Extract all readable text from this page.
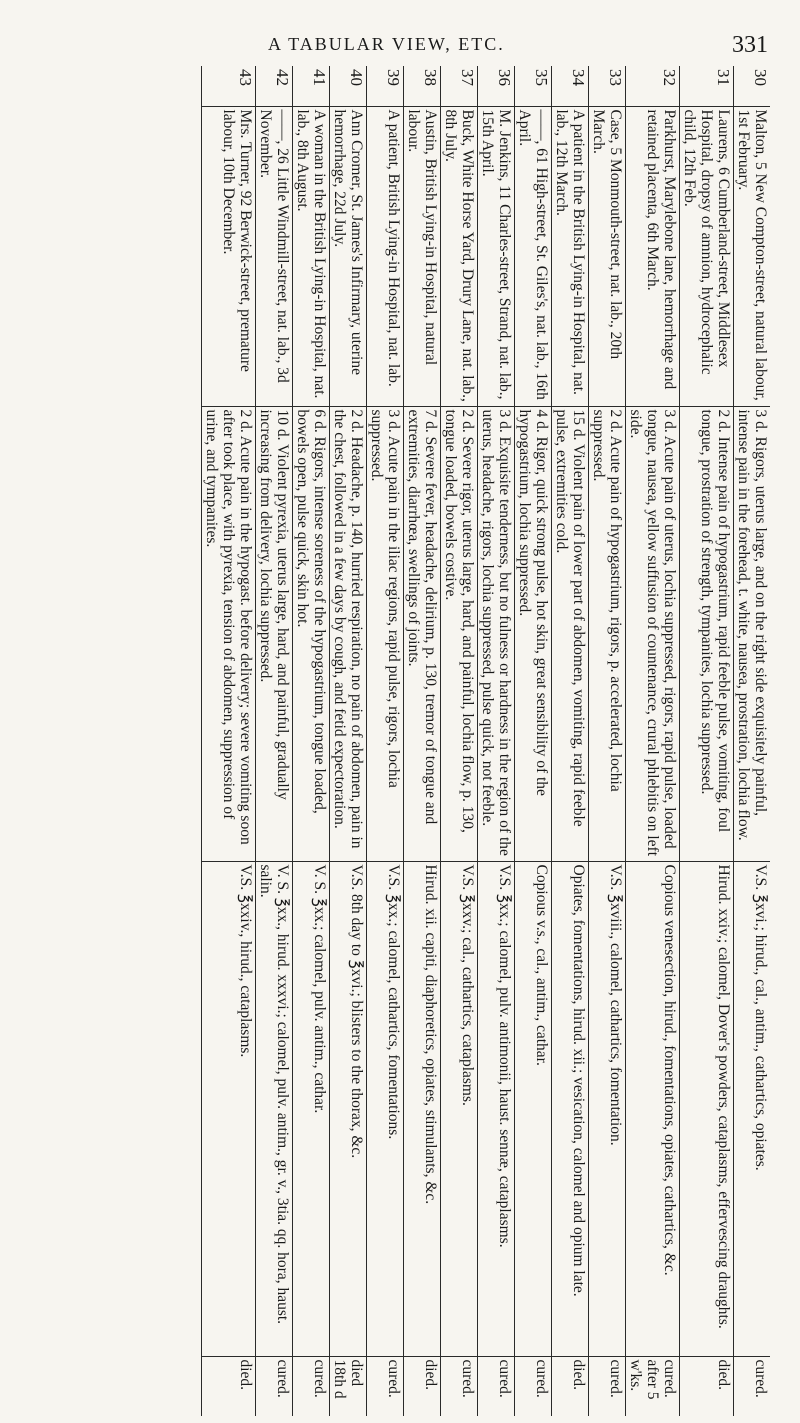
A TABULAR VIEW, ETC.	331
30	Malton, 5 New Compton-street, natural labour, 1st February.	3 d. Rigors, uterus large, and on the right side exquisitely painful, intense pain in the forehead, t. white, nausea, prostration, lochia flow.	V.S. ℥xvi.; hirud., cal., antim., cathartics, opiates.	cured.

31	Laurens, 6 Cumberland-street, Middlesex Hospital, dropsy of amnion, hydrocephalic child, 12th Feb.	2 d. Intense pain of hypogastrium, rapid feeble pulse, vomiting, foul tongue, prostration of strength, tympanites, lochia suppressed.	Hirud. xxiv.; calomel, Dover's powders, cataplasms, effervescing draughts.	died.

32	Parkhurst, Marylebone lane, hemorrhage and retained placenta, 6th March.	3 d. Acute pain of uterus, lochia suppressed, rigors, rapid pulse, loaded tongue, nausea, yellow suffusion of countenance, crural phlebitis on left side.	Copious venesection, hirud., fomentations, opiates, cathartics, &c.	cured. after 5 w'ks.

33	Case, 5 Monmouth-street, nat. lab., 20th March.	2 d. Acute pain of hypogastrium, rigors, p. accelerated, lochia suppressed.	V.S. ℥xviii., calomel, cathartics, fomentation.	cured.

34	A patient in the British Lying-in Hospital, nat. lab., 12th March.	15 d. Violent pain of lower part of abdomen, vomiting, rapid feeble pulse, extremities cold.	Opiates, fomentations, hirud. xii.; vesication, calomel and opium late.	died.

35	——, 61 High-street, St. Giles's, nat. lab., 16th April.	4 d. Rigor, quick strong pulse, hot skin, great sensibility of the hypogastrium, lochia suppressed.	Copious v.s., cal., antim., cathar.	cured.

36	M. Jenkins, 11 Charles-street, Strand, nat. lab., 15th April.	3 d. Exquisite tenderness, but no fulness or hardness in the region of the uterus, headache, rigors, lochia suppressed, pulse quick, not feeble.	V.S. ℥xx.; calomel, pulv. antimonii, haust. sennæ, cataplasms.	cured.

37	Buck, White Horse Yard, Drury Lane, nat. lab., 8th July.	2 d. Severe rigor, uterus large, hard, and painful, lochia flow, p. 130, tongue loaded, bowels costive.	V.S. ℥xxv.; cal., cathartics, cataplasms.	cured.

38	Austin, British Lying-in Hospital, natural labour.	7 d. Severe fever, headache, delirium, p. 130, tremor of tongue and extremities, diarrhœa, swellings of joints.	Hirud. xii. capiti, diaphoretics, opiates, stimulants, &c.	died.

39	A patient, British Lying-in Hospital, nat. lab.	3 d. Acute pain in the iliac regions, rapid pulse, rigors, lochia suppressed.	V.S. ℥xx.; calomel, cathartics, fomentations.	cured.

40	Ann Cromer, St. James's Infirmary, uterine hemorrhage, 22d July.	2 d. Headache, p. 140, hurried respiration, no pain of abdomen, pain in the chest, followed in a few days by cough, and fetid expectoration.	V.S. 8th day to ℥xvi.; blisters to the thorax, &c.	died 18th d

41	A woman in the British Lying-in Hospital, nat. lab., 8th August.	6 d. Rigors, intense soreness of the hypogastrium, tongue loaded, bowels open, pulse quick, skin hot.	V. S. ℥xx.; calomel, pulv. antim., cathar.	cured.

42	——, 26 Little Windmill-street, nat. lab., 3d November.	10 d. Violent pyrexia, uterus large, hard, and painful, gradually increasing from delivery, lochia suppressed.	V. S. ℥xx., hirud. xxxvi.; calomel, pulv. antim., gr. v., 3tia. qq. hora, haust. salin.	cured.

43	Mrs. Turner, 92 Berwick-street, premature labour, 10th December.	2 d. Acute pain in the hypogast. before delivery; severe vomiting soon after took place, with pyrexia, tension of abdomen, suppression of urine, and tympanites.	V.S. ℥xxiv., hirud., cataplasms.	died.
